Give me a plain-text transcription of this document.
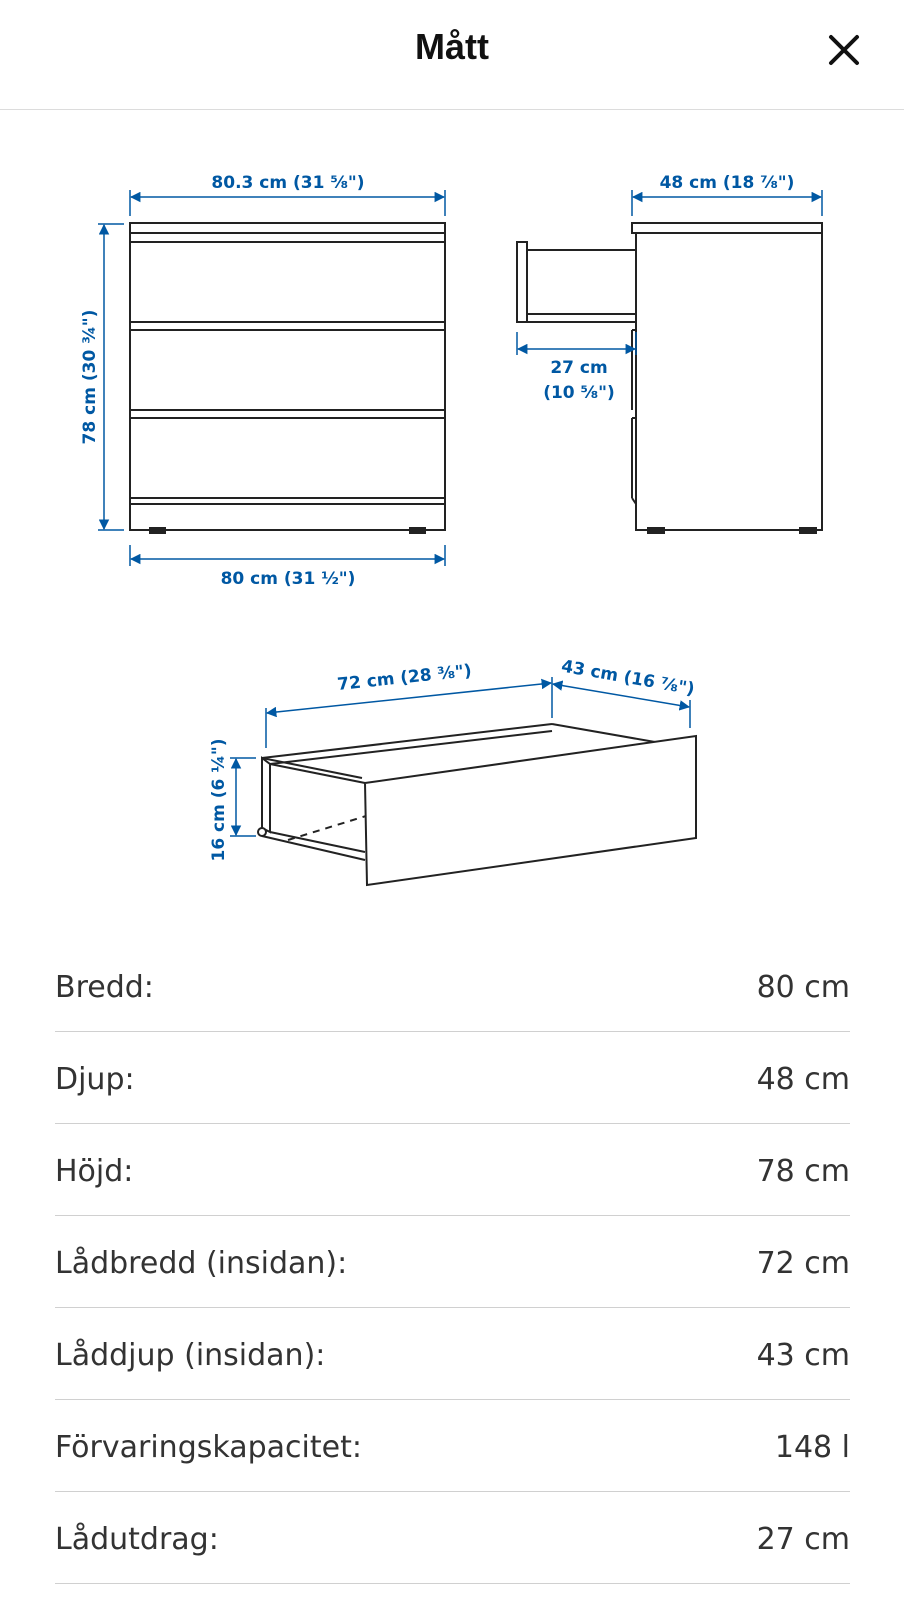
Mått
80.3 cm (31 ⅝")
78 cm (30 ¾")
80 cm (31 ½")
48 cm (18 ⅞")
27 cm
(10 ⅝")
72 cm (28 ⅜")	43 cm (16 ⅞")
16 cm (6 ¼")
Bredd:	80 cm
Djup:	48 cm
Höjd:	78 cm
Lådbredd (insidan):	72 cm
Låddjup (insidan):	43 cm
Förvaringskapacitet:	148 l
Lådutdrag:	27 cm
